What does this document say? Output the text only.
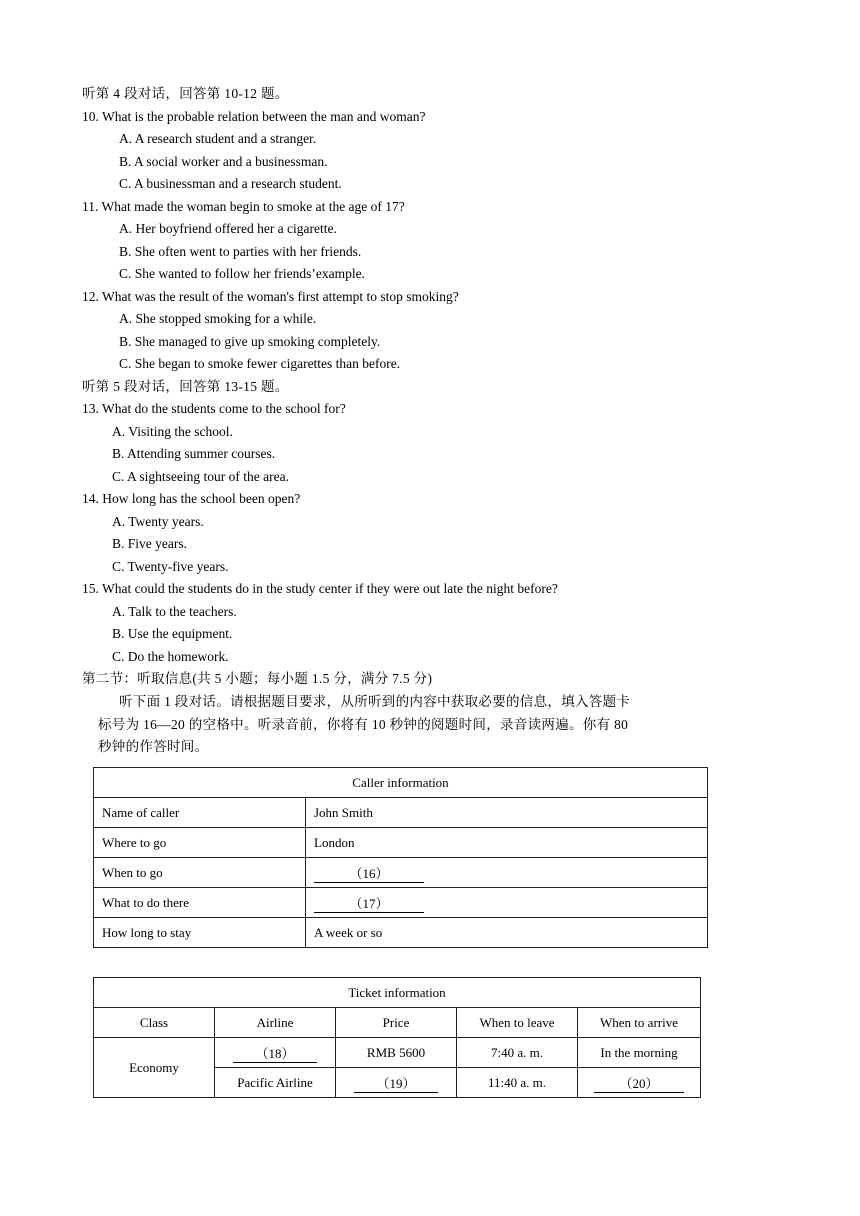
听第 4 段对话，回答第 10-12 题。
10. What is the probable relation between the man and woman?
A. A research student and a stranger.
B. A social worker and a businessman.
C. A businessman and a research student.
11. What made the woman begin to smoke at the age of 17?
A. Her boyfriend offered her a cigarette.
B. She often went to parties with her friends.
C. She wanted to follow her friends’example.
12. What was the result of the woman's first attempt to stop smoking?
A. She stopped smoking for a while.
B. She managed to give up smoking completely.
C. She began to smoke fewer cigarettes than before.
听第 5 段对话，回答第 13-15 题。
13. What do the students come to the school for?
A. Visiting the school.
B. Attending summer courses.
C. A sightseeing tour of the area.
14. How long has the school been open?
A. Twenty years.
B. Five years.
C. Twenty-five years.
15. What could the students do in the study center if they were out late the night before?
A. Talk to the teachers.
B. Use the equipment.
C. Do the homework.
第二节：听取信息(共 5 小题；每小题 1.5 分，满分 7.5 分)
听下面 1 段对话。请根据题目要求，从所听到的内容中获取必要的信息，填入答题卡
标号为 16—20 的空格中。听录音前，你将有 10 秒钟的阅题时间，录音读两遍。你有 80
秒钟的作答时间。
Caller information	
Name of caller	John Smith
Where to go	London
When to go	（16）
What to do there	（17）
How long to stay	A week or so
Ticket information				
Class	Airline	Price	When to leave	When to arrive
Economy	（18）	RMB 5600	7:40 a. m.	In the morning
	Pacific Airline	（19）	11:40 a. m.	（20）
